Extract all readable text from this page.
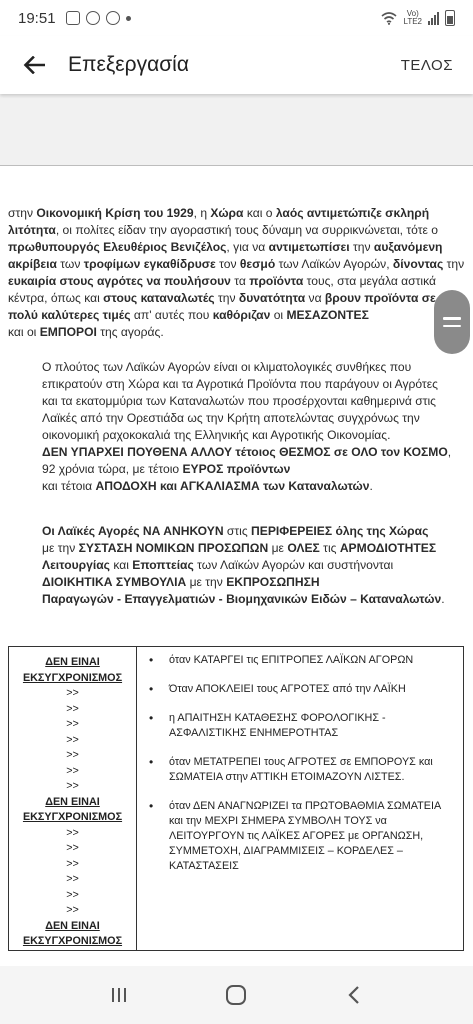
19:51	Vo)
LTE2
Επεξεργασία	ΤΕΛΟΣ

στην Οικονομική Κρίση του 1929, η Χώρα και ο λαός αντιμετώπιζε σκληρή λιτότητα, οι πολίτες είδαν την αγοραστική τους δύναμη να συρρικνώνεται, τότε ο πρωθυπουργός Ελευθέριος Βενιζέλος, για να αντιμετωπίσει την αυξανόμενη ακρίβεια των τροφίμων εγκαθίδρυσε τον θεσμό των Λαϊκών Αγορών, δίνοντας την ευκαιρία στους αγρότες να πουλήσουν τα προϊόντα τους, στα μεγάλα αστικά κέντρα, όπως και στους καταναλωτές την δυνατότητα να βρουν προϊόντα σε πολύ καλύτερες τιμές απ' αυτές που καθόριζαν οι ΜΕΣΑΖΟΝΤΕΣ
και οι ΕΜΠΟΡΟΙ της αγοράς.

Ο πλούτος των Λαϊκών Αγορών είναι οι κλιματολογικές συνθήκες που επικρατούν στη Χώρα και τα Αγροτικά Προϊόντα που παράγουν οι Αγρότες
και τα εκατομμύρια των Καταναλωτών που προσέρχονται καθημερινά στις Λαϊκές από την Ορεστιάδα ως την Κρήτη αποτελώντας συγχρόνως την οικονομική ραχοκοκαλιά της Ελληνικής και Αγροτικής Οικονομίας.
ΔΕΝ ΥΠΑΡΧΕΙ ΠΟΥΘΕΝΑ ΑΛΛΟΥ τέτοιος ΘΕΣΜΟΣ σε ΟΛΟ τον ΚΟΣΜΟ,
92 χρόνια τώρα, με τέτοιο ΕΥΡΟΣ προϊόντων
και τέτοια ΑΠΟΔΟΧΗ και ΑΓΚΑΛΙΑΣΜΑ των Καταναλωτών.

Οι Λαϊκές Αγορές ΝΑ ΑΝΗΚΟΥΝ στις ΠΕΡΙΦΕΡΕΙΕΣ όλης της Χώρας
με την ΣΥΣΤΑΣΗ ΝΟΜΙΚΩΝ ΠΡΟΣΩΠΩΝ με ΟΛΕΣ τις ΑΡΜΟΔΙΟΤΗΤΕΣ
Λειτουργίας και Εποπτείας των Λαϊκών Αγορών και συστήνονται
ΔΙΟΙΚΗΤΙΚΑ ΣΥΜΒΟΥΛΙΑ με την ΕΚΠΡΟΣΩΠΗΣΗ
Παραγωγών - Επαγγελματιών - Βιομηχανικών Ειδών – Καταναλωτών.

ΔΕΝ ΕΙΝΑΙ
ΕΚΣΥΓΧΡΟΝΙΣΜΟΣ
>>
>>
>>
>>
>>
>>
>>
ΔΕΝ ΕΙΝΑΙ
ΕΚΣΥΓΧΡΟΝΙΣΜΟΣ
>>
>>
>>
>>
>>
>>
ΔΕΝ ΕΙΝΑΙ
ΕΚΣΥΓΧΡΟΝΙΣΜΟΣ

• όταν ΚΑΤΑΡΓΕΙ τις ΕΠΙΤΡΟΠΕΣ ΛΑΪΚΩΝ ΑΓΟΡΩΝ
• Όταν ΑΠΟΚΛΕΙΕΙ τους ΑΓΡΟΤΕΣ από την ΛΑΪΚΗ
• η ΑΠΑΙΤΗΣΗ ΚΑΤΑΘΕΣΗΣ ΦΟΡΟΛΟΓΙΚΗΣ - ΑΣΦΑΛΙΣΤΙΚΗΣ ΕΝΗΜΕΡΟΤΗΤΑΣ
• όταν ΜΕΤΑΤΡΕΠΕΙ τους ΑΓΡΟΤΕΣ σε ΕΜΠΟΡΟΥΣ και ΣΩΜΑΤΕΙΑ στην ΑΤΤΙΚΗ ΕΤΟΙΜΑΖΟΥΝ ΛΙΣΤΕΣ.
• όταν ΔΕΝ ΑΝΑΓΝΩΡΙΖΕΙ τα ΠΡΩΤΟΒΑΘΜΙΑ ΣΩΜΑΤΕΙΑ και την ΜΕΧΡΙ ΣΗΜΕΡΑ ΣΥΜΒΟΛΗ ΤΟΥΣ να ΛΕΙΤΟΥΡΓΟΥΝ τις ΛΑΪΚΕΣ ΑΓΟΡΕΣ με ΟΡΓΑΝΩΣΗ, ΣΥΜΜΕΤΟΧΗ, ΔΙΑΓΡΑΜΜΙΣΕΙΣ – ΚΟΡΔΕΛΕΣ – ΚΑΤΑΣΤΑΣΕΙΣ
